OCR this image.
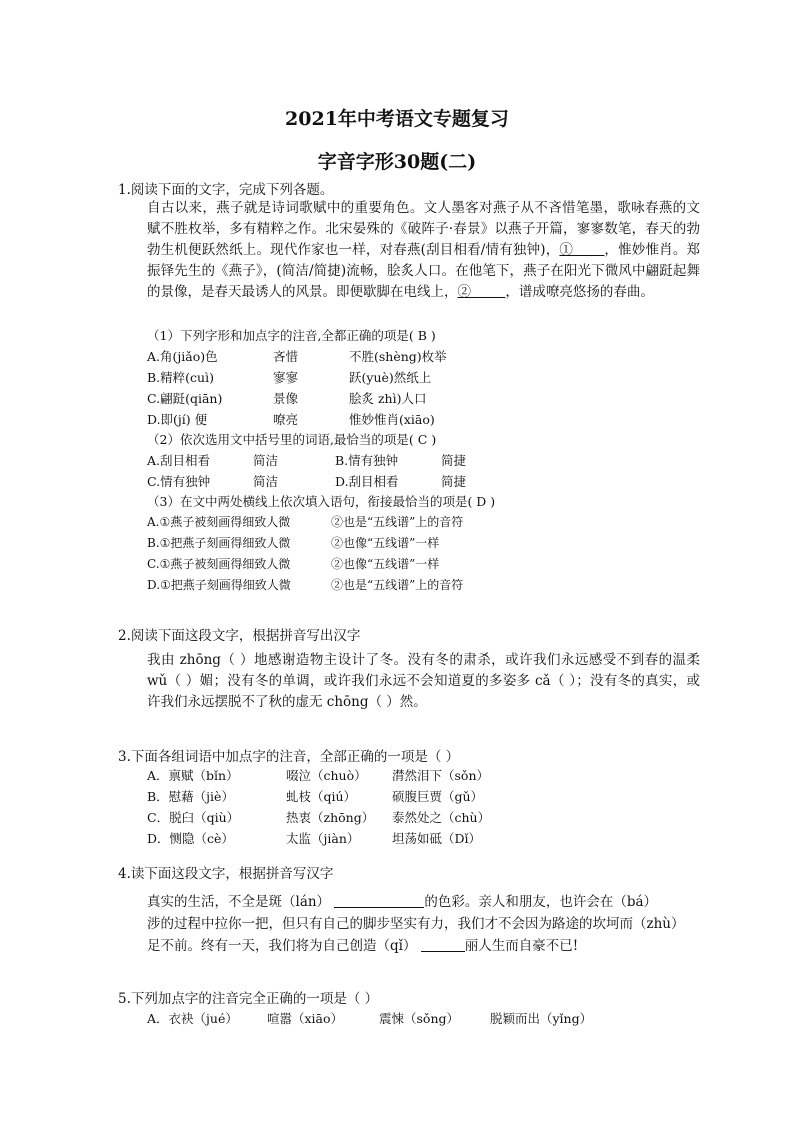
2021年中考语文专题复习
字音字形30题(二)
1.阅读下面的文字，完成下列各题。
自古以来，燕子就是诗词歌赋中的重要角色。文人墨客对燕子从不吝惜笔墨，歌咏春燕的文赋不胜枚举，多有精粹之作。北宋晏殊的《破阵子·春景》以燕子开篇，寥寥数笔，春天的勃勃生机便跃然纸上。现代作家也一样，对春燕(刮目相看/情有独钟)，① ，惟妙惟肖。郑振铎先生的《燕子》，(简洁/简捷)流畅，脍炙人口。在他笔下，燕子在阳光下微风中翩跹起舞的景像，是春天最诱人的风景。即便歇脚在电线上，②	，谱成嘹亮悠扬的春曲。
（1）下列字形和加点字的注音,全都正确的项是( B )
A.角(jiǎo)色	吝惜	不胜(shèng)枚举
B.精粹(cuì)	寥寥	跃(yuè)然纸上
C.翩跹(qiān)	景像	脍炙 zhì)人口
D.即(jí) 便	嘹亮	惟妙惟肖(xiāo)
（2）依次选用文中括号里的词语,最恰当的项是( C )
A.刮目相看	简洁	B.情有独钟	简捷
C.情有独钟	简洁	D.刮目相看	简捷
（3）在文中两处横线上依次填入语句，衔接最恰当的项是( D )
A.①燕子被刻画得细致人微	②也是“五线谱”上的音符
B.①把燕子刻画得细致人微	②也像“五线谱”一样
C.①燕子被刻画得细致人微	②也像“五线谱”一样
D.①把燕子刻画得细致人微	②也是“五线谱”上的音符
2.阅读下面这段文字，根据拼音写出汉字
我由 zhōng（ ）地感谢造物主设计了冬。没有冬的肃杀，或许我们永远感受不到春的温柔 wǔ（ ）媚；没有冬的单调，或许我们永远不会知道夏的多姿多 cǎ（ ）；没有冬的真实，或许我们永远摆脱不了秋的虚无 chōng（ ）然。
3.下面各组词语中加点字的注音，全部正确的一项是（ ）
A．禀赋（bǐn）	啜泣（chuò） 潸然泪下（sǒn）
B．慰藉（jiè）	虬枝（qiú）	硕腹巨贾（gǔ）
C．脱臼（qiù）	热衷（zhōng） 泰然处之（chù）
D．恻隐（cè）	太监（jiàn）	坦荡如砥（Dǐ）
4.读下面这段文字，根据拼音写汉字
真实的生活，不全是斑（lán）	的色彩。亲人和朋友，也许会在（bá）
涉的过程中拉你一把，但只有自己的脚步坚实有力，我们才不会因为路途的坎坷而（zhù）
足不前。终有一天，我们将为自己创造（qǐ）	丽人生而自豪不已!
5.下列加点字的注音完全正确的一项是（ ）
A．衣袂（jué） 喧嚣（xiāo）	震悚（sǒng） 脱颖而出（yǐng）
